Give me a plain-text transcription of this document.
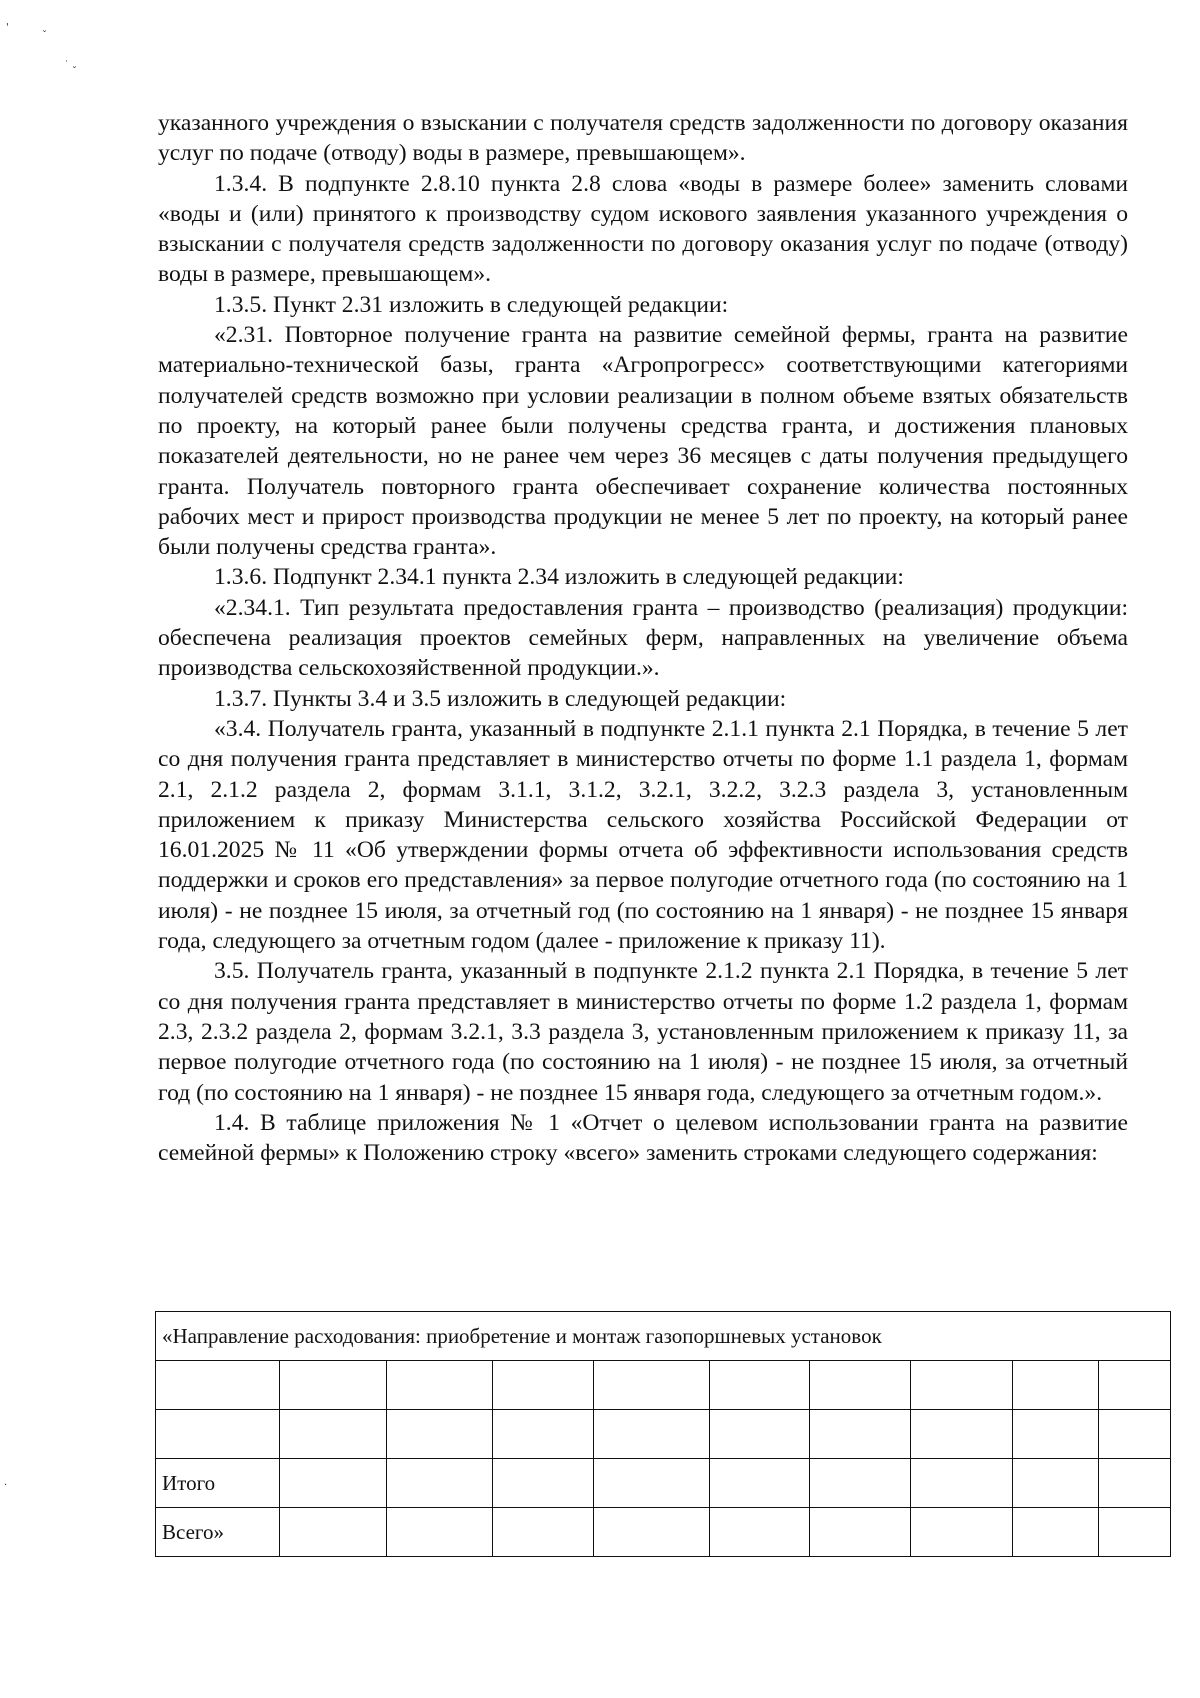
'
ˇ
˙
ˇ
·

указанного учреждения о взыскании с получателя средств задолженности по договору оказания услуг по подаче (отводу) воды в размере, превышающем».

1.3.4. В подпункте 2.8.10 пункта 2.8 слова «воды в размере более» заменить словами «воды и (или) принятого к производству судом искового заявления указанного учреждения о взыскании с получателя средств задолженности по договору оказания услуг по подаче (отводу) воды в размере, превышающем».

1.3.5. Пункт 2.31 изложить в следующей редакции:

«2.31. Повторное получение гранта на развитие семейной фермы, гранта на развитие материально-технической базы, гранта «Агропрогресс» соответствующими категориями получателей средств возможно при условии реализации в полном объеме взятых обязательств по проекту, на который ранее были получены средства гранта, и достижения плановых показателей деятельности, но не ранее чем через 36 месяцев с даты получения предыдущего гранта. Получатель повторного гранта обеспечивает сохранение количества постоянных рабочих мест и прирост производства продукции не менее 5 лет по проекту, на который ранее были получены средства гранта».

1.3.6. Подпункт 2.34.1 пункта 2.34 изложить в следующей редакции:

«2.34.1. Тип результата предоставления гранта – производство (реализация) продукции: обеспечена реализация проектов семейных ферм, направленных на увеличение объема производства сельскохозяйственной продукции.».

1.3.7. Пункты 3.4 и 3.5 изложить в следующей редакции:

«3.4. Получатель гранта, указанный в подпункте 2.1.1 пункта 2.1 Порядка, в течение 5 лет со дня получения гранта представляет в министерство отчеты по форме 1.1 раздела 1, формам 2.1, 2.1.2 раздела 2, формам 3.1.1, 3.1.2, 3.2.1, 3.2.2, 3.2.3 раздела 3, установленным приложением к приказу Министерства сельского хозяйства Российской Федерации от 16.01.2025 № 11 «Об утверждении формы отчета об эффективности использования средств поддержки и сроков его представления» за первое полугодие отчетного года (по состоянию на 1 июля) - не позднее 15 июля, за отчетный год (по состоянию на 1 января) - не позднее 15 января года, следующего за отчетным годом (далее - приложение к приказу 11).

3.5. Получатель гранта, указанный в подпункте 2.1.2 пункта 2.1 Порядка, в течение 5 лет со дня получения гранта представляет в министерство отчеты по форме 1.2 раздела 1, формам 2.3, 2.3.2 раздела 2, формам 3.2.1, 3.3 раздела 3, установленным приложением к приказу 11, за первое полугодие отчетного года (по состоянию на 1 июля) - не позднее 15 июля, за отчетный год (по состоянию на 1 января) - не позднее 15 января года, следующего за отчетным годом.».

1.4. В таблице приложения № 1 «Отчет о целевом использовании гранта на развитие семейной фермы» к Положению строку «всего» заменить строками следующего содержания:

«Направление расходования: приобретение и монтаж газопоршневых установок									

Итого									
Всего»									
